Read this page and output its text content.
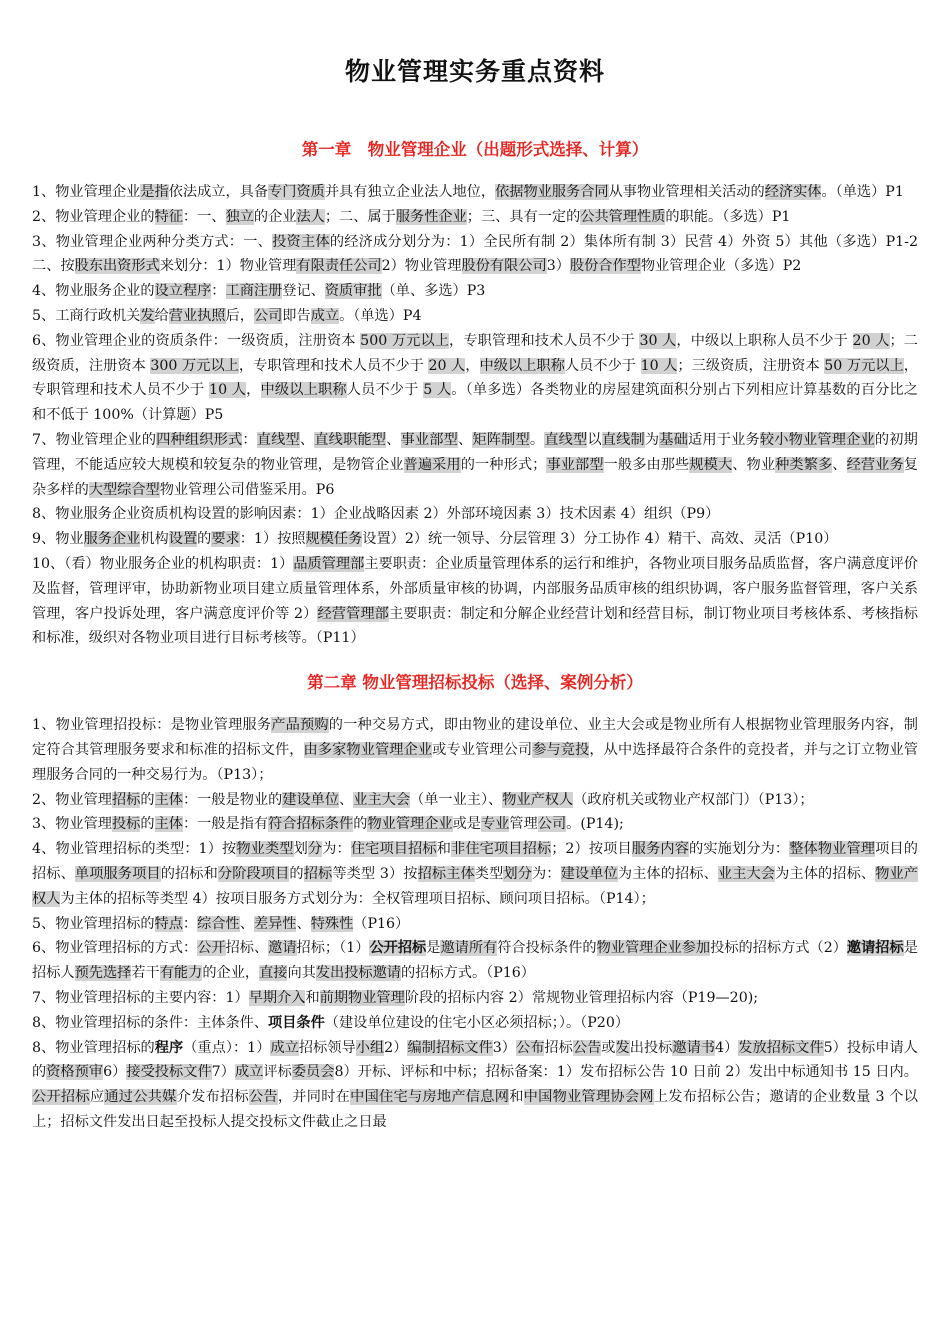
物业管理实务重点资料
第一章　物业管理企业（出题形式选择、计算）

1、物业管理企业是指依法成立，具备专门资质并具有独立企业法人地位，依据物业服务合同从事物业管理相关活动的经济实体。（单选）P1

2、物业管理企业的特征：一、独立的企业法人；二、属于服务性企业；三、具有一定的公共管理性质的职能。（多选）P1

3、物业管理企业两种分类方式：一、投资主体的经济成分划分为：1）全民所有制 2）集体所有制 3）民营 4）外资 5）其他（多选）P1-2 二、按股东出资形式来划分：1）物业管理有限责任公司2）物业管理股份有限公司3）股份合作型物业管理企业（多选）P2

4、物业服务企业的设立程序：工商注册登记、资质审批（单、多选）P3

5、工商行政机关发给营业执照后，公司即告成立。（单选）P4

6、物业管理企业的资质条件：一级资质，注册资本 500 万元以上，专职管理和技术人员不少于 30 人，中级以上职称人员不少于 20 人；二级资质，注册资本 300 万元以上，专职管理和技术人员不少于 20 人，中级以上职称人员不少于 10 人；三级资质，注册资本 50 万元以上，专职管理和技术人员不少于 10 人，中级以上职称人员不少于 5 人。（单多选）各类物业的房屋建筑面积分别占下列相应计算基数的百分比之和不低于 100%（计算题）P5

7、物业管理企业的四种组织形式：直线型、直线职能型、事业部型、矩阵制型。直线型以直线制为基础适用于业务较小物业管理企业的初期管理，不能适应较大规模和较复杂的物业管理，是物管企业普遍采用的一种形式；事业部型一般多由那些规模大、物业种类繁多、经营业务复杂多样的大型综合型物业管理公司借鉴采用。P6

8、物业服务企业资质机构设置的影响因素：1）企业战略因素 2）外部环境因素 3）技术因素 4）组织（P9）

9、物业服务企业机构设置的要求：1）按照规模任务设置）2）统一领导、分层管理 3）分工协作 4）精干、高效、灵活（P10）

10、（看）物业服务企业的机构职责：1）品质管理部主要职责：企业质量管理体系的运行和维护，各物业项目服务品质监督，客户满意度评价及监督，管理评审，协助新物业项目建立质量管理体系，外部质量审核的协调，内部服务品质审核的组织协调，客户服务监督管理，客户关系管理，客户投诉处理，客户满意度评价等 2）经营管理部主要职责：制定和分解企业经营计划和经营目标，制订物业项目考核体系、考核指标和标准，级织对各物业项目进行目标考核等。（P11）

第二章 物业管理招标投标（选择、案例分析）

1、物业管理招投标：是物业管理服务产品预购的一种交易方式，即由物业的建设单位、业主大会或是物业所有人根据物业管理服务内容，制定符合其管理服务要求和标准的招标文件，由多家物业管理企业或专业管理公司参与竞投，从中选择最符合条件的竞投者，并与之订立物业管理服务合同的一种交易行为。（P13）；

2、物业管理招标的主体：一般是物业的建设单位、业主大会（单一业主）、物业产权人（政府机关或物业产权部门）（P13）；

3、物业管理投标的主体：一般是指有符合招标条件的物业管理企业或是专业管理公司。(P14);

4、物业管理招标的类型：1）按物业类型划分为：住宅项目招标和非住宅项目招标；2）按项目服务内容的实施划分为：整体物业管理项目的招标、单项服务项目的招标和分阶段项目的招标等类型 3）按招标主体类型划分为：建设单位为主体的招标、业主大会为主体的招标、物业产权人为主体的招标等类型 4）按项目服务方式划分为：全权管理项目招标、顾问项目招标。（P14）；

5、物业管理招标的特点：综合性、差异性、特殊性（P16）

6、物业管理招标的方式：公开招标、邀请招标；（1）公开招标是邀请所有符合投标条件的物业管理企业参加投标的招标方式（2）邀请招标是招标人预先选择若干有能力的企业，直接向其发出投标邀请的招标方式。（P16）

7、物业管理招标的主要内容：1）早期介入和前期物业管理阶段的招标内容 2）常规物业管理招标内容（P19—20);

8、物业管理招标的条件：主体条件、项目条件（建设单位建设的住宅小区必须招标；）。（P20）

8、物业管理招标的程序（重点）：1）成立招标领导小组2）编制招标文件3）公布招标公告或发出投标邀请书4）发放招标文件5）投标申请人的资格预审6）接受投标文件7）成立评标委员会8）开标、评标和中标；招标备案：1）发布招标公告 10 日前 2）发出中标通知书 15 日内。公开招标应通过公共媒介发布招标公告，并同时在中国住宅与房地产信息网和中国物业管理协会网上发布招标公告；邀请的企业数量 3 个以上；招标文件发出日起至投标人提交投标文件截止之日最
